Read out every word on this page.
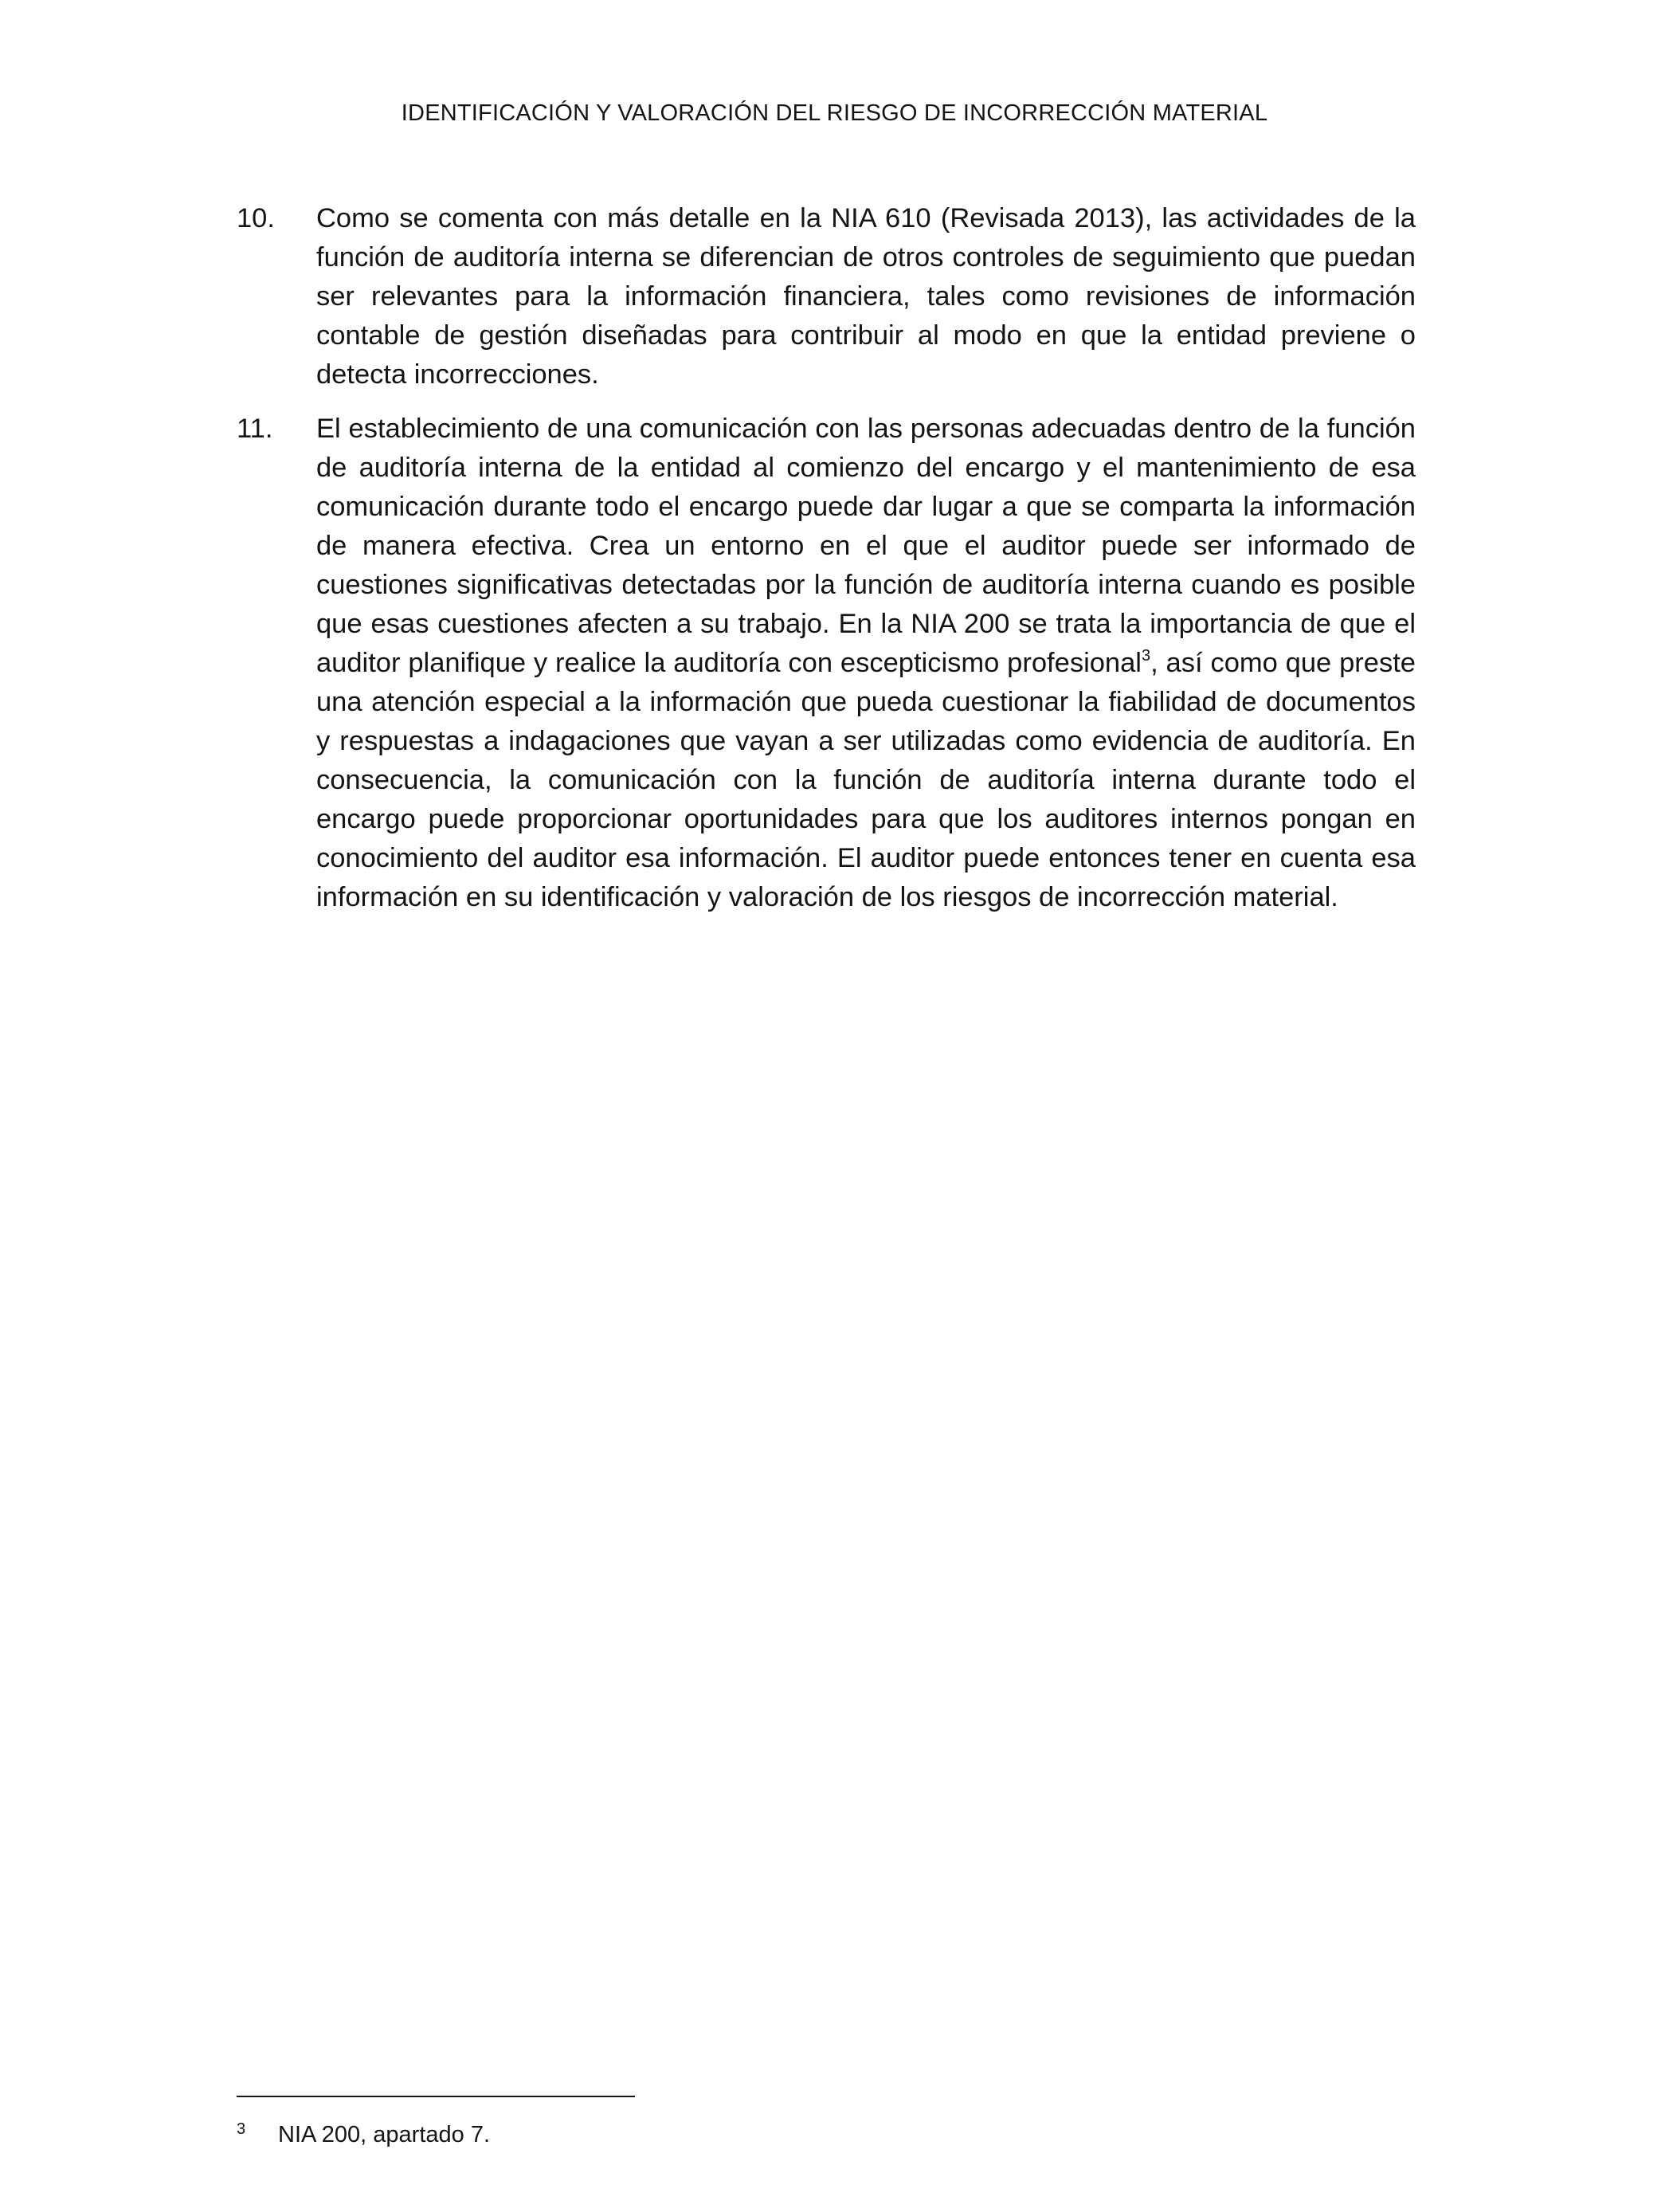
IDENTIFICACIÓN Y VALORACIÓN DEL RIESGO DE INCORRECCIÓN MATERIAL
10. Como se comenta con más detalle en la NIA 610 (Revisada 2013), las actividades de la función de auditoría interna se diferencian de otros controles de seguimiento que puedan ser relevantes para la información financiera, tales como revisiones de información contable de gestión diseñadas para contribuir al modo en que la entidad previene o detecta incorrecciones.
11. El establecimiento de una comunicación con las personas adecuadas dentro de la función de auditoría interna de la entidad al comienzo del encargo y el mantenimiento de esa comunicación durante todo el encargo puede dar lugar a que se comparta la información de manera efectiva. Crea un entorno en el que el auditor puede ser informado de cuestiones significativas detectadas por la función de auditoría interna cuando es posible que esas cuestiones afecten a su trabajo. En la NIA 200 se trata la importancia de que el auditor planifique y realice la auditoría con escepticismo profesional$^3$, así como que preste una atención especial a la información que pueda cuestionar la fiabilidad de documentos y respuestas a indagaciones que vayan a ser utilizadas como evidencia de auditoría. En consecuencia, la comunicación con la función de auditoría interna durante todo el encargo puede proporcionar oportunidades para que los auditores internos pongan en conocimiento del auditor esa información. El auditor puede entonces tener en cuenta esa información en su identificación y valoración de los riesgos de incorrección material.
3 NIA 200, apartado 7.
